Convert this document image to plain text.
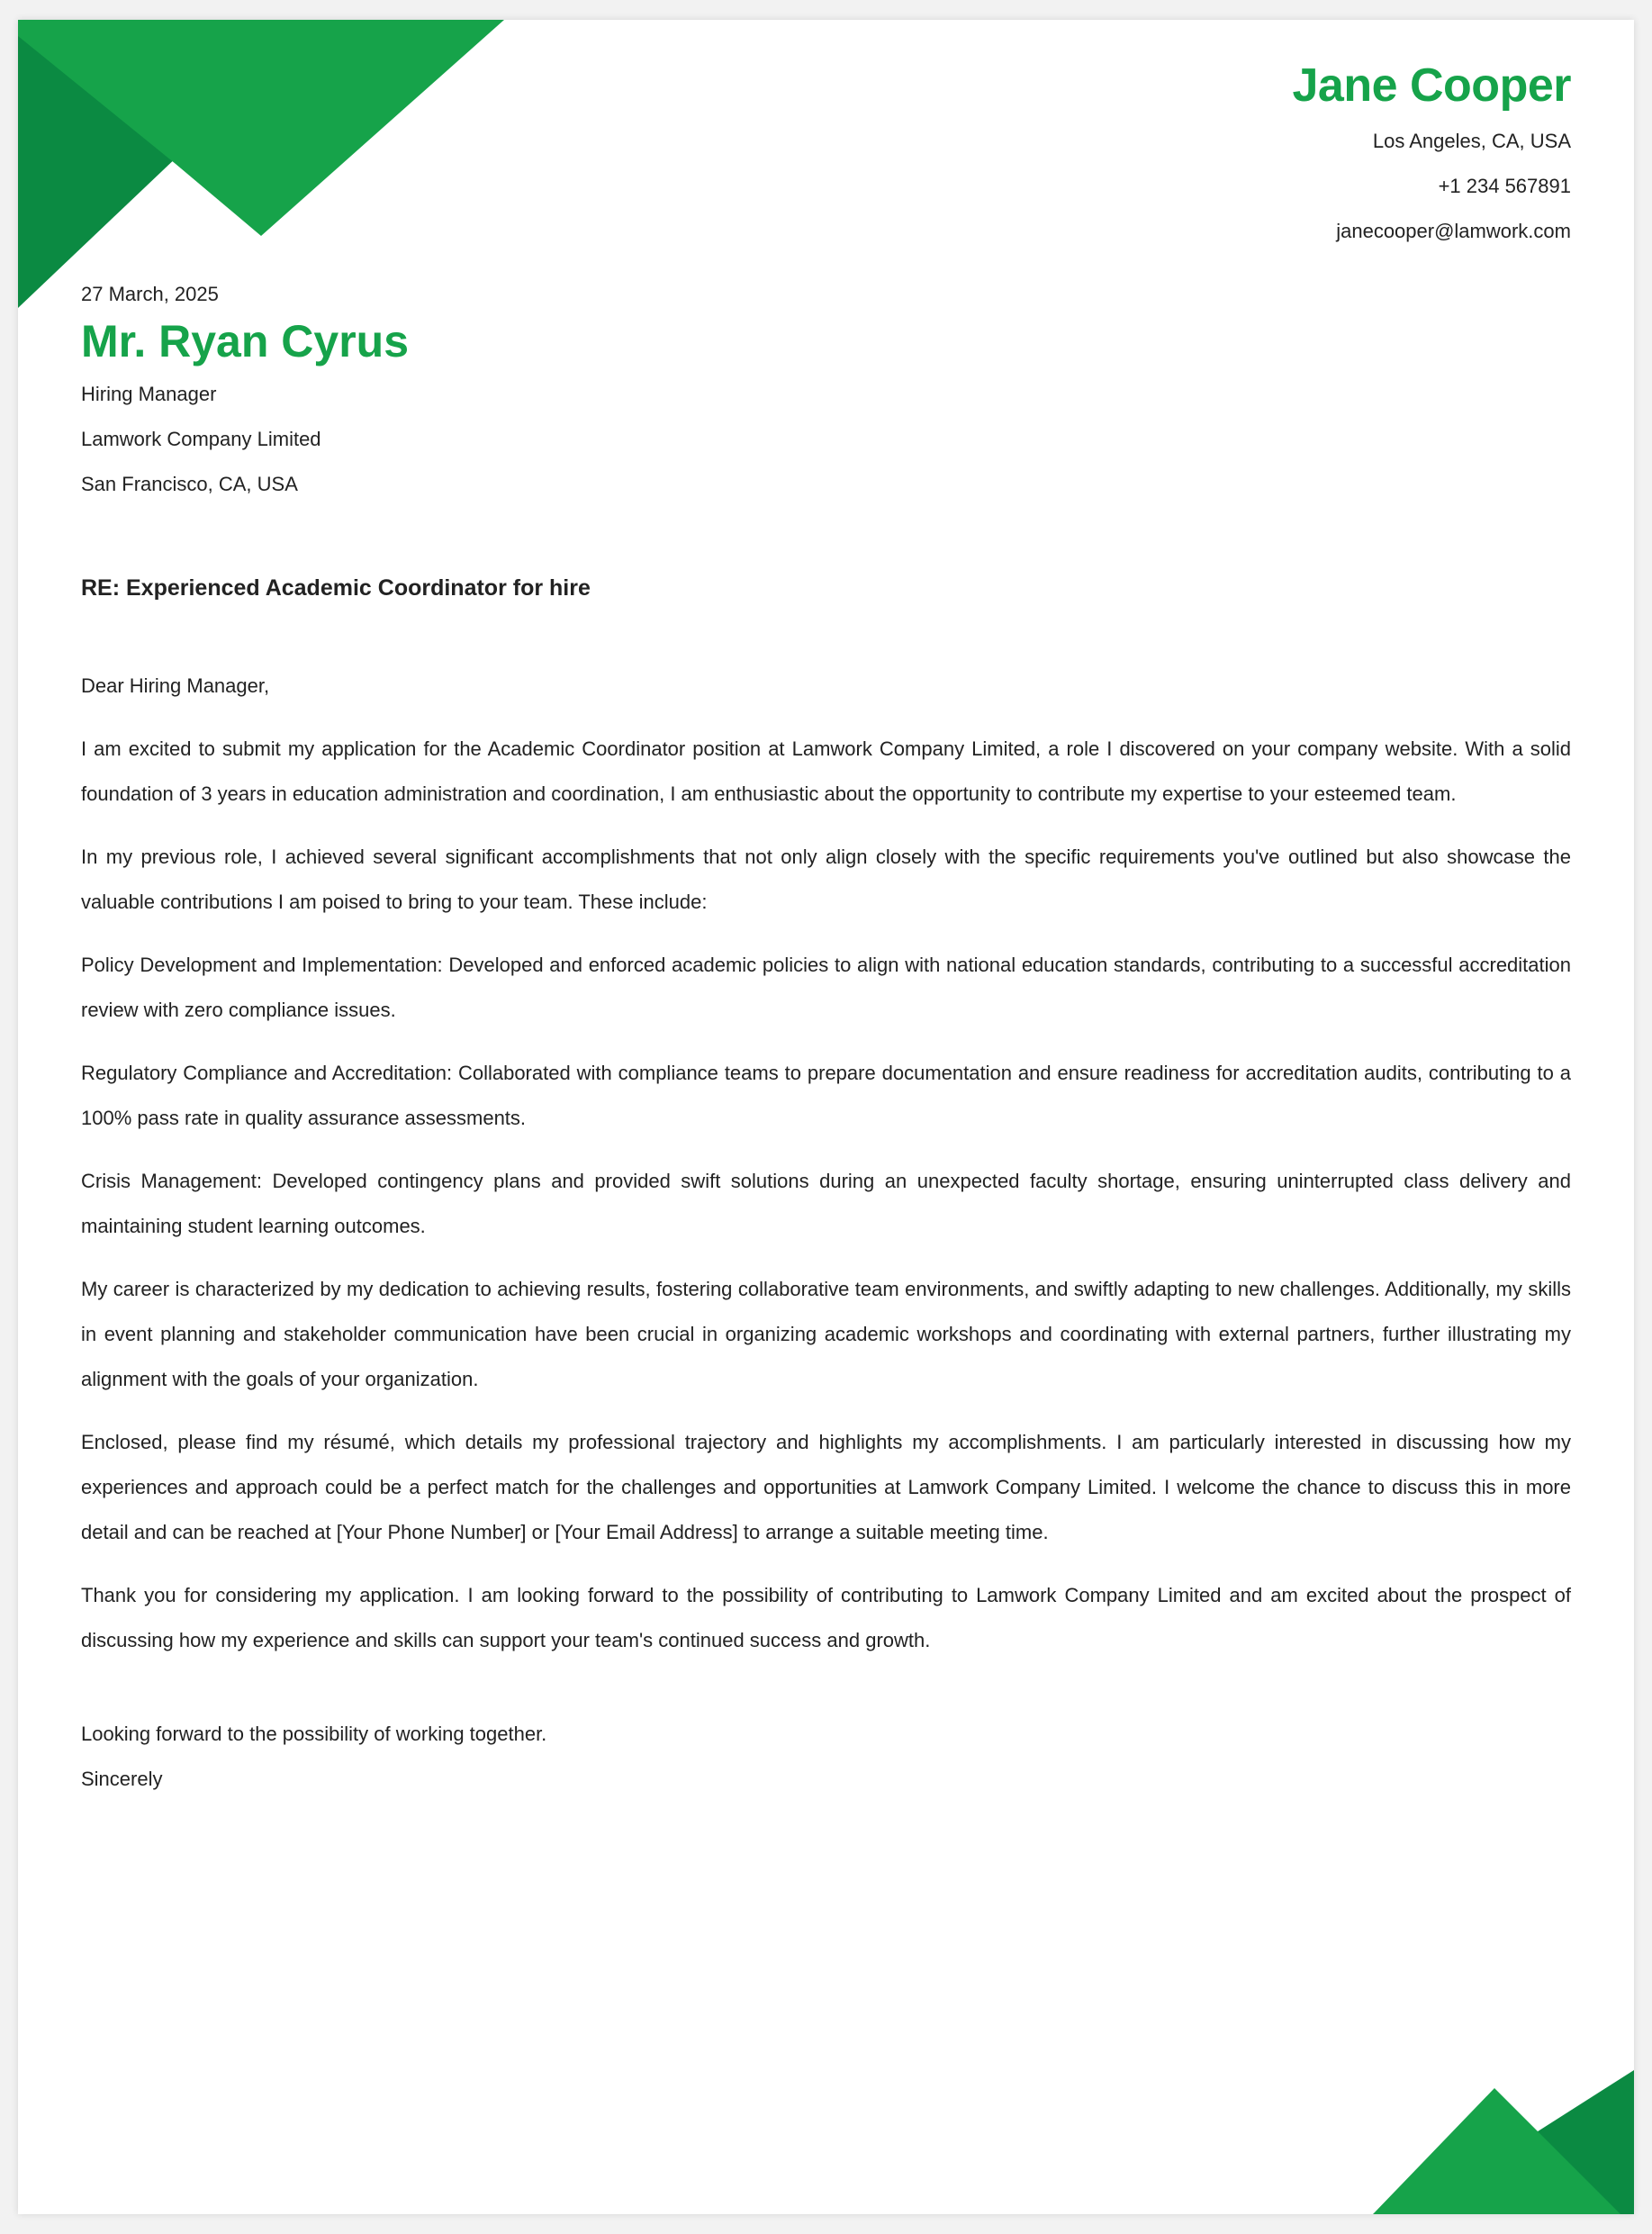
Jane Cooper
Los Angeles, CA, USA
+1 234 567891
janecooper@lamwork.com
27 March, 2025
Mr. Ryan Cyrus
Hiring Manager
Lamwork Company Limited
San Francisco, CA, USA
RE: Experienced Academic Coordinator for hire
Dear Hiring Manager,
I am excited to submit my application for the Academic Coordinator position at Lamwork Company Limited, a role I discovered on your company website. With a solid foundation of 3 years in education administration and coordination, I am enthusiastic about the opportunity to contribute my expertise to your esteemed team.
In my previous role, I achieved several significant accomplishments that not only align closely with the specific requirements you've outlined but also showcase the valuable contributions I am poised to bring to your team. These include:
Policy Development and Implementation: Developed and enforced academic policies to align with national education standards, contributing to a successful accreditation review with zero compliance issues.
Regulatory Compliance and Accreditation: Collaborated with compliance teams to prepare documentation and ensure readiness for accreditation audits, contributing to a 100% pass rate in quality assurance assessments.
Crisis Management: Developed contingency plans and provided swift solutions during an unexpected faculty shortage, ensuring uninterrupted class delivery and maintaining student learning outcomes.
My career is characterized by my dedication to achieving results, fostering collaborative team environments, and swiftly adapting to new challenges. Additionally, my skills in event planning and stakeholder communication have been crucial in organizing academic workshops and coordinating with external partners, further illustrating my alignment with the goals of your organization.
Enclosed, please find my résumé, which details my professional trajectory and highlights my accomplishments. I am particularly interested in discussing how my experiences and approach could be a perfect match for the challenges and opportunities at Lamwork Company Limited. I welcome the chance to discuss this in more detail and can be reached at [Your Phone Number] or [Your Email Address] to arrange a suitable meeting time.
Thank you for considering my application. I am looking forward to the possibility of contributing to Lamwork Company Limited and am excited about the prospect of discussing how my experience and skills can support your team's continued success and growth.
Looking forward to the possibility of working together.
Sincerely
